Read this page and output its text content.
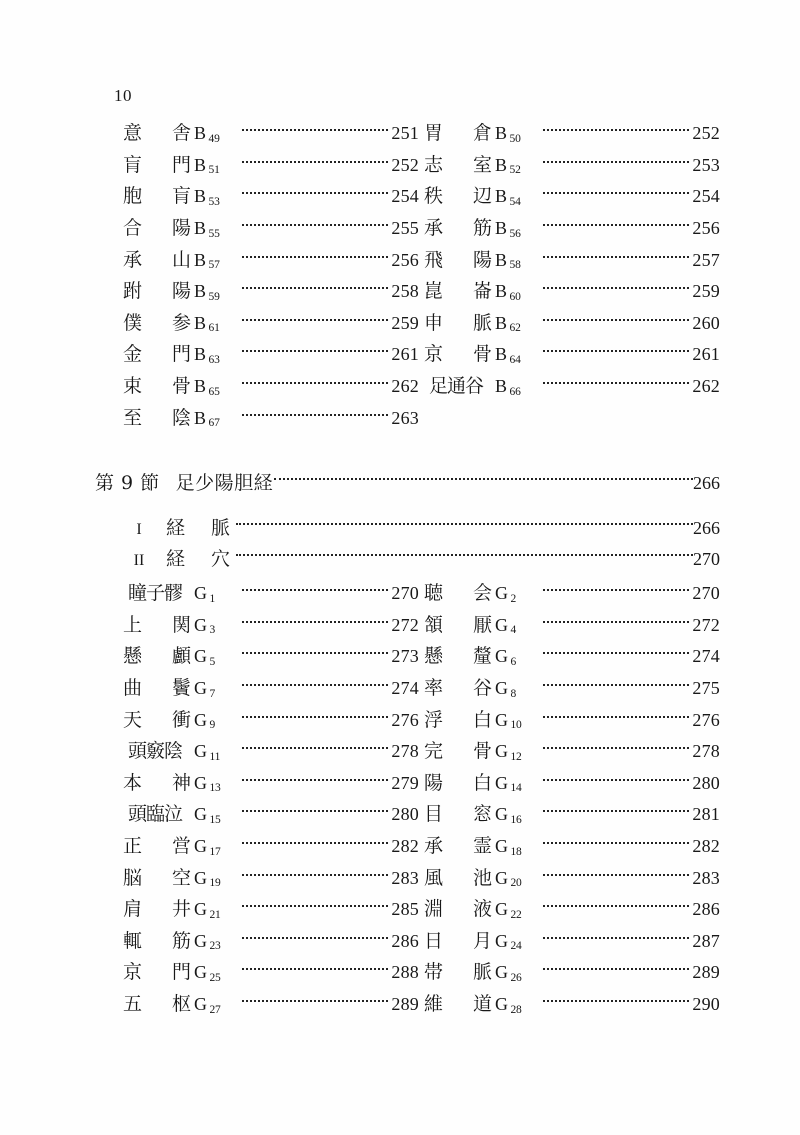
10
意 舎 B 49	251 胃 倉 B 50	252
肓 門 B 51	252 志 室 B 52	253
胞 肓 B 53	254 秩 辺 B 54	254
合 陽 B 55	255 承 筋 B 56	256
承 山 B 57	256 飛 陽 B 58	257
跗 陽 B 59	258 崑 崙 B 60	259
僕 参 B 61	259 申 脈 B 62	260
金 門 B 63	261 京 骨 B 64	261
束 骨 B 65	262 足 通 谷 B 66	262
至 陰 B 67	263
第 9 節 足少陽胆経	266
I	経 脈	266
II	経 穴	270
瞳 子 髎 G 1	270 聴 会 G 2	270
上 関 G 3	272 頷 厭 G 4	272
懸 顱 G 5	273 懸 釐 G 6	274
曲 鬢 G 7	274 率 谷 G 8	275
天 衝 G 9	276 浮 白 G 10	276
頭 竅 陰 G 11	278 完 骨 G 12	278
本 神 G 13	279 陽 白 G 14	280
頭 臨 泣 G 15	280 目 窓 G 16	281
正 営 G 17	282 承 霊 G 18	282
脳 空 G 19	283 風 池 G 20	283
肩 井 G 21	285 淵 液 G 22	286
輒 筋 G 23	286 日 月 G 24	287
京 門 G 25	288 帯 脈 G 26	289
五 枢 G 27	289 維 道 G 28	290
